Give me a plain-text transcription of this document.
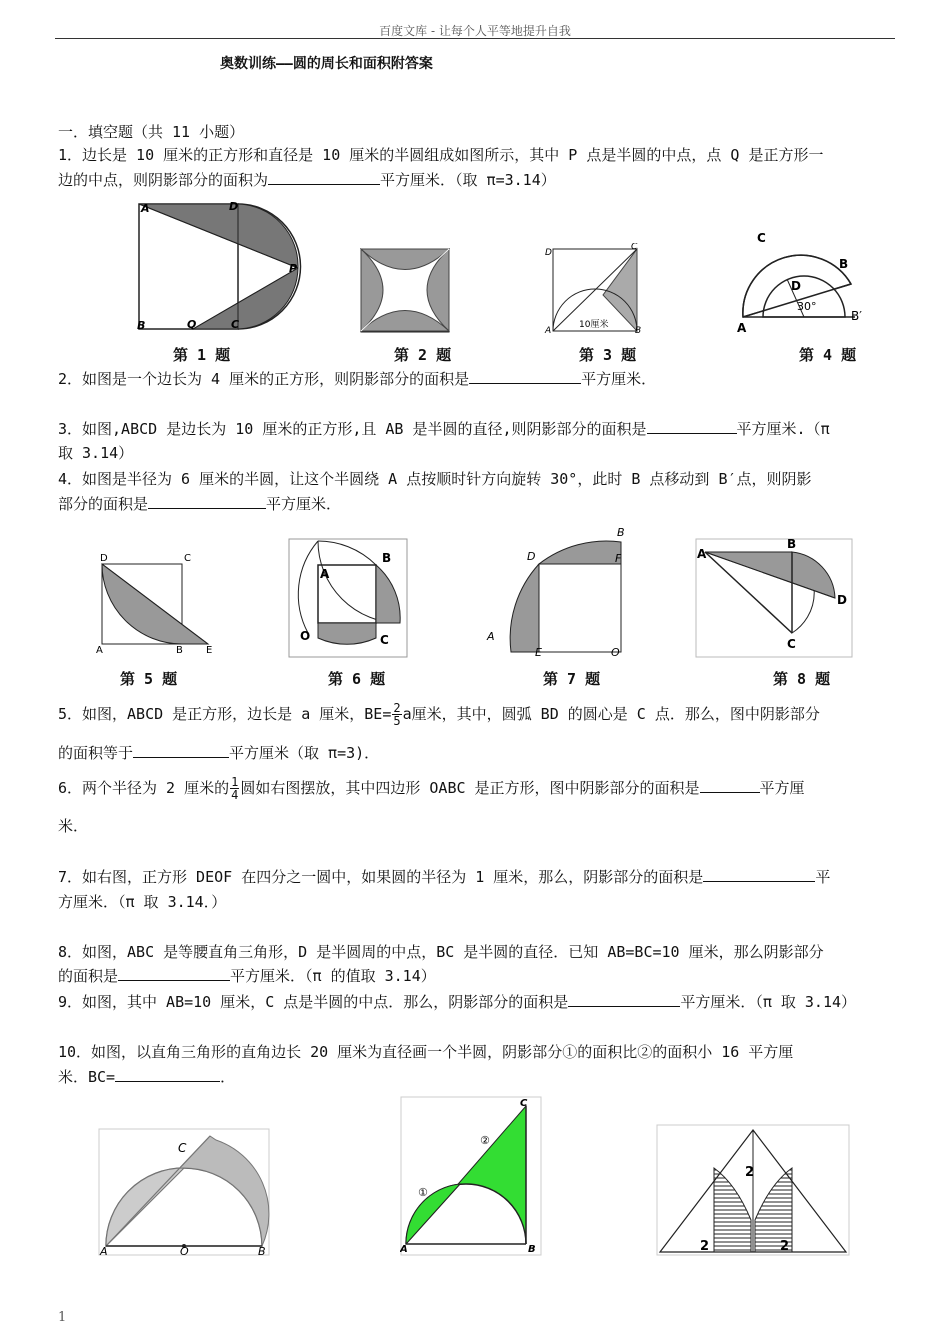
百度文库 - 让每个人平等地提升自我
奥数训练——圆的周长和面积附答案
一．填空题（共 11 小题）
1．边长是 10 厘米的正方形和直径是 10 厘米的半圆组成如图所示，其中 P 点是半圆的中点，点 Q 是正方形一
边的中点，则阴影部分的面积为	平方厘米．（取 π=3.14）
A	D
P
B	Q	C
D
C
A	B
10厘米
C
B
D
30°
A
B′
第 1 题	第 2 题	第 3 题	第 4 题
2．如图是一个边长为 4 厘米的正方形，则阴影部分的面积是	平方厘米．
3．如图,ABCD 是边长为 10 厘米的正方形,且 AB 是半圆的直径,则阴影部分的面积是	平方厘米.（π
取 3.14）
4．如图是半径为 6 厘米的半圆，让这个半圆绕 A 点按顺时针方向旋转 30°，此时 B 点移动到 B′点，则阴影
部分的面积是	平方厘米．
D	C
A	B E
A
B
O	C
B
D	F
A
E	O
A
B
D
C
第 5 题	第 6 题	第 7 题	第 8 题
5．如图，ABCD 是正方形，边长是 a 厘米，$BE= \frac{2}{5}$ a厘米，其中，圆弧 BD 的圆心是 C 点．那么，图中阴影部分
的面积等于	平方厘米（取 π=3)．
6．两个半径为 2 厘米的 $\frac{1}{4}$ 圆如右图摆放，其中四边形 OABC 是正方形，图中阴影部分的面积是	平方厘
米．
7．如右图，正方形 DEOF 在四分之一圆中，如果圆的半径为 1 厘米，那么，阴影部分的面积是	平
方厘米．（π 取 3.14．）
8．如图，ABC 是等腰直角三角形，D 是半圆周的中点，BC 是半圆的直径．已知 AB=BC=10 厘米，那么阴影部分
的面积是	平方厘米．（π 的值取 3.14）
9．如图，其中 AB=10 厘米，C 点是半圆的中点．那么，阴影部分的面积是	平方厘米．（π 取 3.14）
10．如图，以直角三角形的直角边长 20 厘米为直径画一个半圆，阴影部分①的面积比②的面积小 16 平方厘
米．BC=	．
C
A	O	B
C
②
①
A	B	2	2
2
1
